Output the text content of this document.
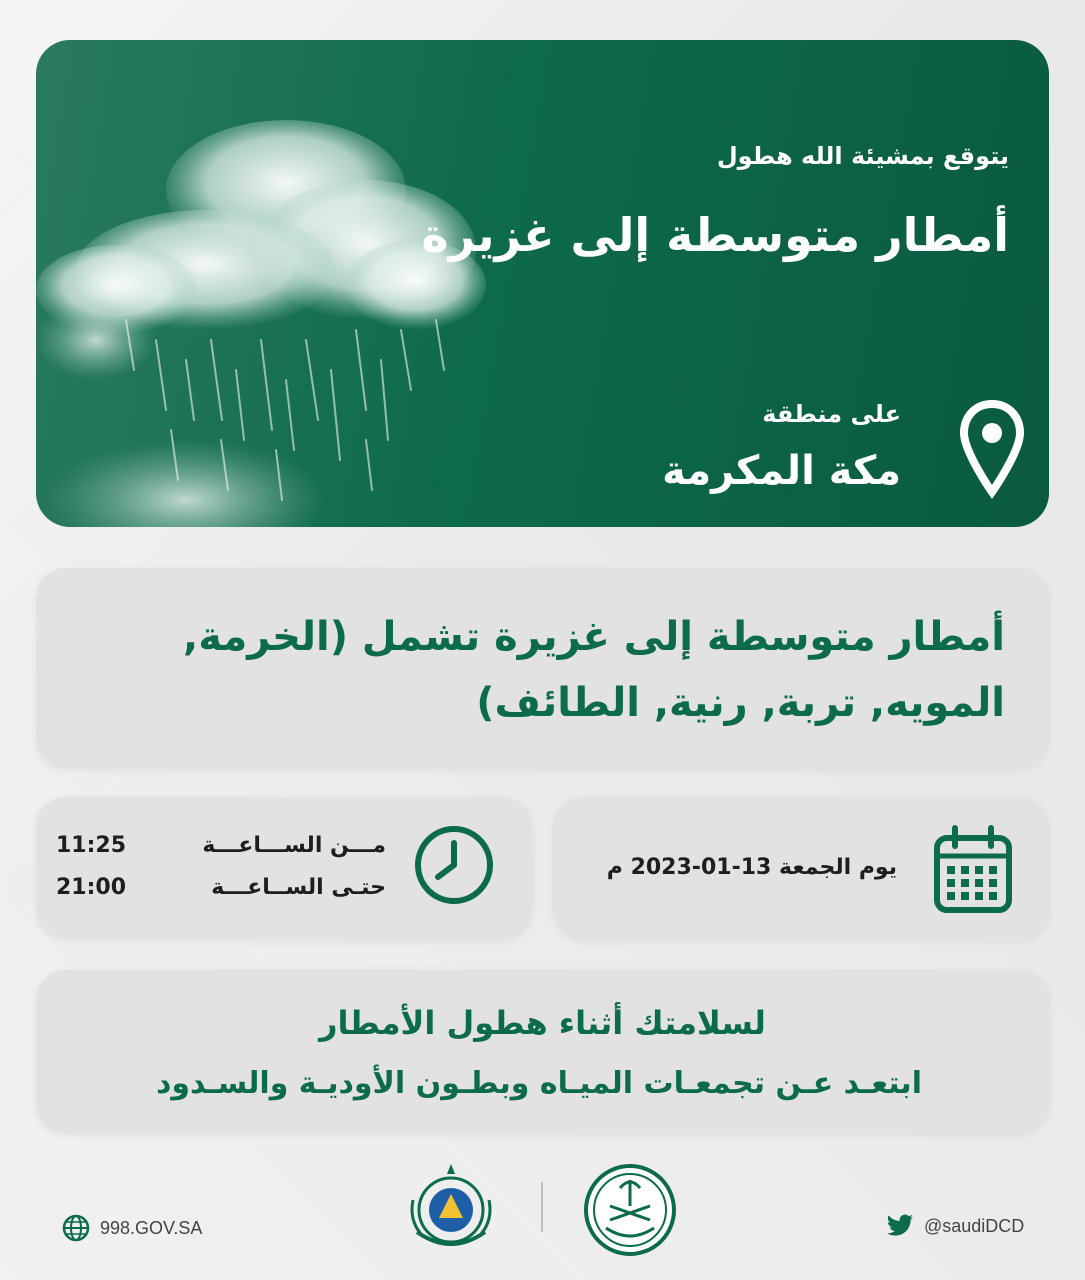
يتوقع بمشيئة الله هطول
أمطار متوسطة إلى غزيرة
على منطقة
مكة المكرمة
أمطار متوسطة إلى غزيرة تشمل (الخرمة, المويه, تربة, رنية, الطائف)
يوم الجمعة 13-01-2023 م
مـــن الســـاعـــة
11:25
حتـى الســاعـــة
21:00
لسلامتك أثناء هطول الأمطار
ابتعـد عـن تجمعـات الميـاه وبطـون الأوديـة والسـدود
998.GOV.SA	@saudiDCD
